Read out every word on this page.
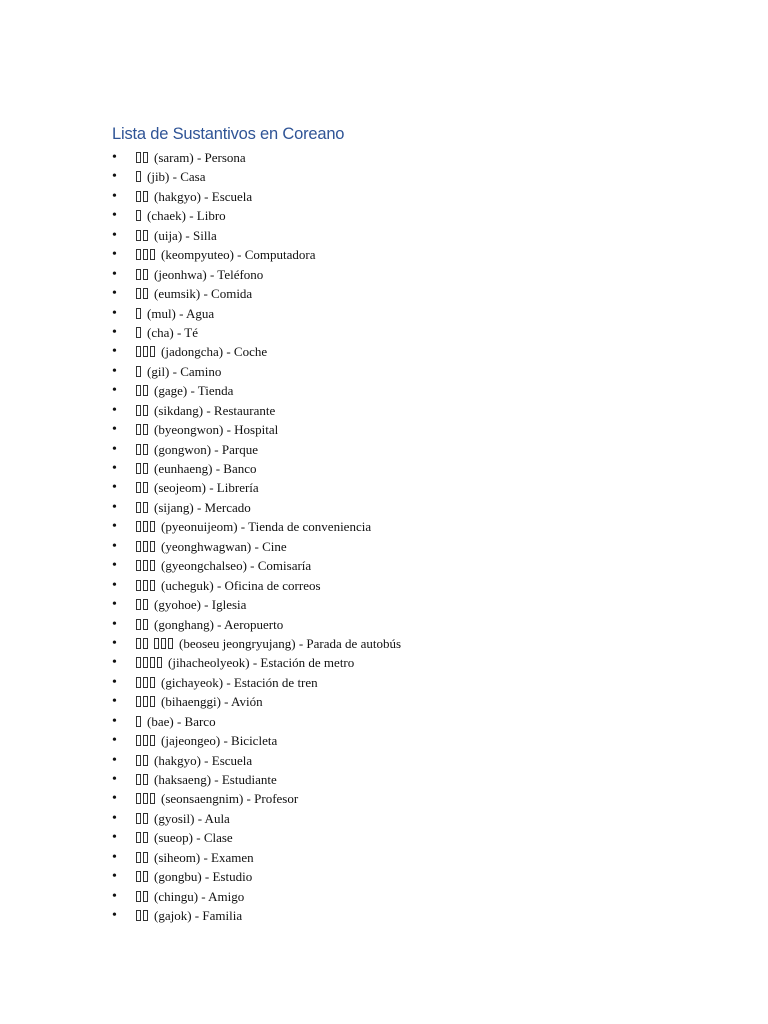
Lista de Sustantivos en Coreano
•	(saram) - Persona
•	(jib) - Casa
•	(hakgyo) - Escuela
•	(chaek) - Libro
•	(uija) - Silla
•	(keompyuteo) - Computadora
•	(jeonhwa) - Teléfono
•	(eumsik) - Comida
•	(mul) - Agua
•	(cha) - Té
•	(jadongcha) - Coche
•	(gil) - Camino
•	(gage) - Tienda
•	(sikdang) - Restaurante
•	(byeongwon) - Hospital
•	(gongwon) - Parque
•	(eunhaeng) - Banco
•	(seojeom) - Librería
•	(sijang) - Mercado
•	(pyeonuijeom) - Tienda de conveniencia
•	(yeonghwagwan) - Cine
•	(gyeongchalseo) - Comisaría
•	(ucheguk) - Oficina de correos
•	(gyohoe) - Iglesia
•	(gonghang) - Aeropuerto
•	(beoseu jeongryujang) - Parada de autobús
•	(jihacheolyeok) - Estación de metro
•	(gichayeok) - Estación de tren
•	(bihaenggi) - Avión
•	(bae) - Barco
•	(jajeongeo) - Bicicleta
•	(hakgyo) - Escuela
•	(haksaeng) - Estudiante
•	(seonsaengnim) - Profesor
•	(gyosil) - Aula
•	(sueop) - Clase
•	(siheom) - Examen
•	(gongbu) - Estudio
•	(chingu) - Amigo
•	(gajok) - Familia
